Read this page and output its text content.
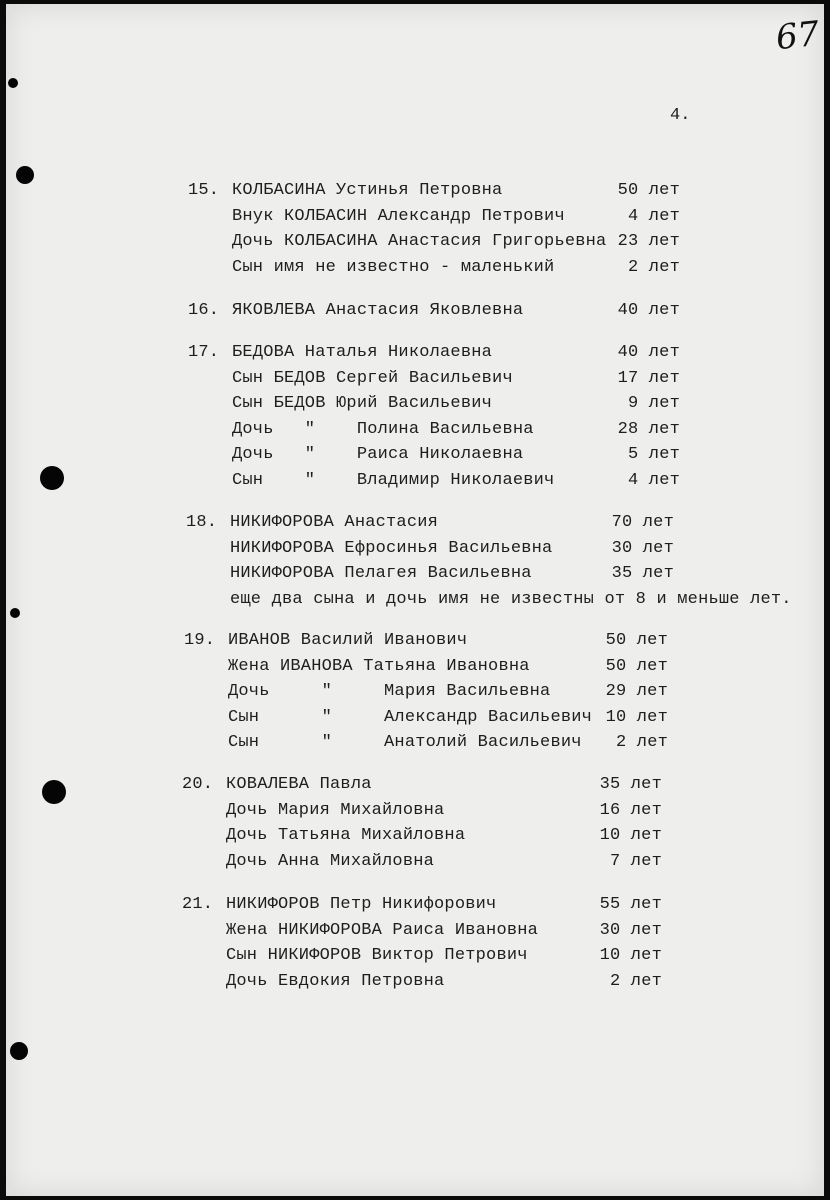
67
4.
15. КОЛБАСИНА Устинья Петровна	50 лет
Внук КОЛБАСИН Александр Петрович	4 лет
Дочь КОЛБАСИНА Анастасия Григорьевна 23 лет
Сын имя не известно - маленький	2 лет
16. ЯКОВЛЕВА Анастасия Яковлевна	40 лет
17. БЕДОВА Наталья Николаевна	40 лет
Сын БЕДОВ Сергей Васильевич	17 лет
Сын БЕДОВ Юрий Васильевич	9 лет
Дочь   "    Полина Васильевна	28 лет
Дочь   "    Раиса Николаевна	5 лет
Сын    "    Владимир Николаевич	4 лет
18. НИКИФОРОВА Анастасия	70 лет
НИКИФОРОВА Ефросинья Васильевна	30 лет
НИКИФОРОВА Пелагея Васильевна	35 лет
еще два сына и дочь имя не известны от 8 и меньше лет.
19. ИВАНОВ Василий Иванович	50 лет
Жена ИВАНОВА Татьяна Ивановна	50 лет
Дочь     "     Мария Васильевна	29 лет
Сын      "     Александр Васильевич 10 лет
Сын      "     Анатолий Васильевич	2 лет
20. КОВАЛЕВА Павла	35 лет
Дочь Мария Михайловна	16 лет
Дочь Татьяна Михайловна	10 лет
Дочь Анна Михайловна	7 лет
21. НИКИФОРОВ Петр Никифорович	55 лет
Жена НИКИФОРОВА Раиса Ивановна	30 лет
Сын НИКИФОРОВ Виктор Петрович	10 лет
Дочь Евдокия Петровна	2 лет
